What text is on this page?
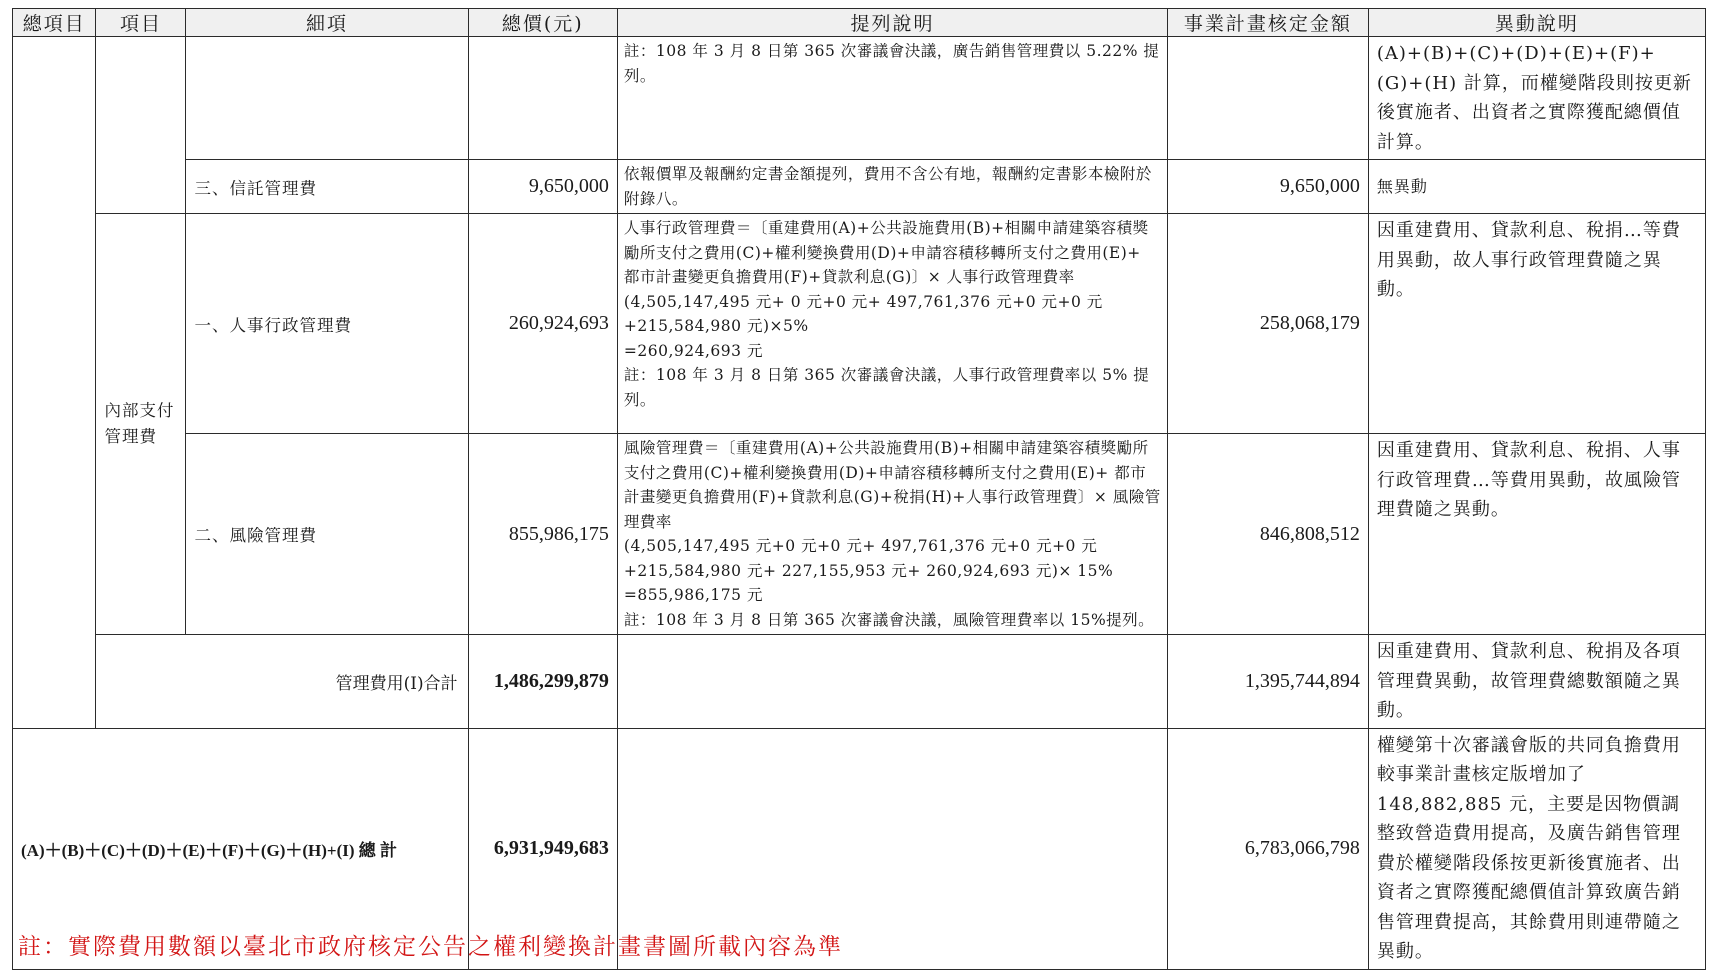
總項目	項目	細項	總價(元)	提列說明	事業計畫核定金額	異動說明
				註：108 年 3 月 8 日第 365 次審議會決議，廣告銷售管理費以 5.22% 提列。		(A)+(B)+(C)+(D)+(E)+(F)+(G)+(H) 計算，而權變階段則按更新後實施者、出資者之實際獲配總價值計算。
		三、信託管理費	9,650,000	依報價單及報酬約定書金額提列，費用不含公有地，報酬約定書影本檢附於附錄八。	9,650,000	無異動
	內部支付管理費	一、人事行政管理費	260,924,693	人事行政管理費＝〔重建費用(A)+公共設施費用(B)+相關申請建築容積獎勵所支付之費用(C)+權利變換費用(D)+申請容積移轉所支付之費用(E)+ 都市計畫變更負擔費用(F)+貸款利息(G)〕× 人事行政管理費率
(4,505,147,495 元+ 0 元+0 元+ 497,761,376 元+0 元+0 元+215,584,980 元)×5%
=260,924,693 元
註：108 年 3 月 8 日第 365 次審議會決議，人事行政管理費率以 5% 提列。	258,068,179	因重建費用、貸款利息、稅捐…等費用異動，故人事行政管理費隨之異動。
		二、風險管理費	855,986,175	風險管理費＝〔重建費用(A)+公共設施費用(B)+相關申請建築容積獎勵所支付之費用(C)+權利變換費用(D)+申請容積移轉所支付之費用(E)+ 都市計畫變更負擔費用(F)+貸款利息(G)+稅捐(H)+人事行政管理費〕× 風險管理費率
(4,505,147,495 元+0 元+0 元+ 497,761,376 元+0 元+0 元+215,584,980 元+ 227,155,953 元+ 260,924,693 元)× 15% =855,986,175 元
註：108 年 3 月 8 日第 365 次審議會決議，風險管理費率以 15%提列。	846,808,512	因重建費用、貸款利息、稅捐、人事行政管理費…等費用異動，故風險管理費隨之異動。
	管理費用(I)合計		1,486,299,879		1,395,744,894	因重建費用、貸款利息、稅捐及各項管理費異動，故管理費總數額隨之異動。
(A)＋(B)＋(C)＋(D)＋(E)＋(F)＋(G)＋(H)+(I) 總 計			6,931,949,683		6,783,066,798	權變第十次審議會版的共同負擔費用較事業計畫核定版增加了148,882,885 元，主要是因物價調整致營造費用提高，及廣告銷售管理費於權變階段係按更新後實施者、出資者之實際獲配總價值計算致廣告銷售管理費提高，其餘費用則連帶隨之異動。
註：實際費用數額以臺北市政府核定公告之權利變換計畫書圖所載內容為準
